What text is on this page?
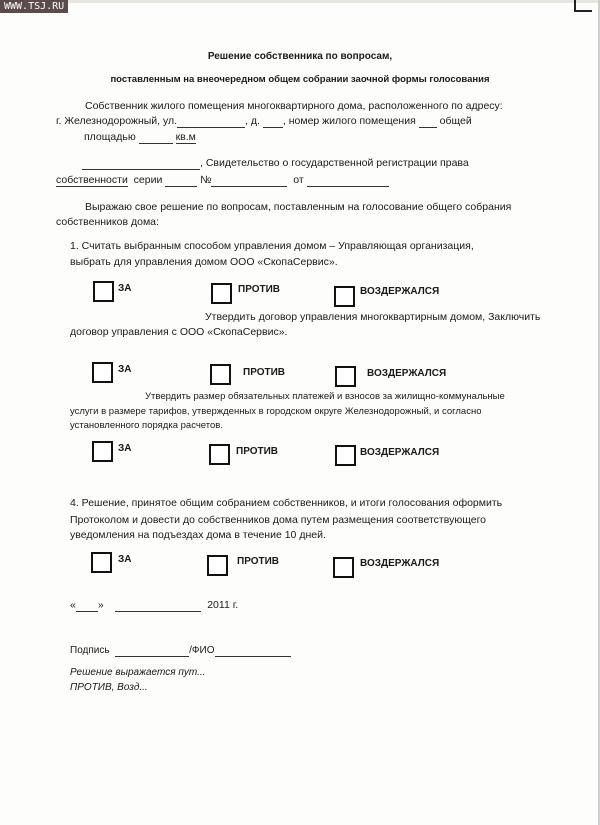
WWW.TSJ.RU
Решение собственника по вопросам,
поставленным на внеочередном общем собрании заочной формы голосования
Собственник жилого помещения многоквартирного дома, расположенного по адресу:
г. Железнодорожный, ул.	, д. , номер жилого помещения общей
площадью	кв.м
, Свидетельство о государственной регистрации права
собственности серии	№	от
Выражаю свое решение по вопросам, поставленным на голосование общего собрания
собственников дома:
1. Считать выбранным способом управления домом – Управляющая организация,
выбрать для управления домом ООО «СкопаСервис».
ЗА	ПРОТИВ	ВОЗДЕРЖАЛСЯ
Утвердить договор управления многоквартирным домом, Заключить
договор управления с ООО «СкопаСервис».
ЗА	ПРОТИВ	ВОЗДЕРЖАЛСЯ
Утвердить размер обязательных платежей и взносов за жилищно-коммунальные
услуги в размере тарифов, утвержденных в городском округе Железнодорожный, и согласно
установленного порядка расчетов.
ЗА	ПРОТИВ	ВОЗДЕРЖАЛСЯ
4. Решение, принятое общим собранием собственников, и итоги голосования оформить
Протоколом и довести до собственников дома путем размещения соответствующего
уведомления на подъездах дома в течение 10 дней.
ЗА	ПРОТИВ	ВОЗДЕРЖАЛСЯ
« »	2011 г.
Подпись	/ФИО
Решение выражается пут...
ПРОТИВ, Возд...
